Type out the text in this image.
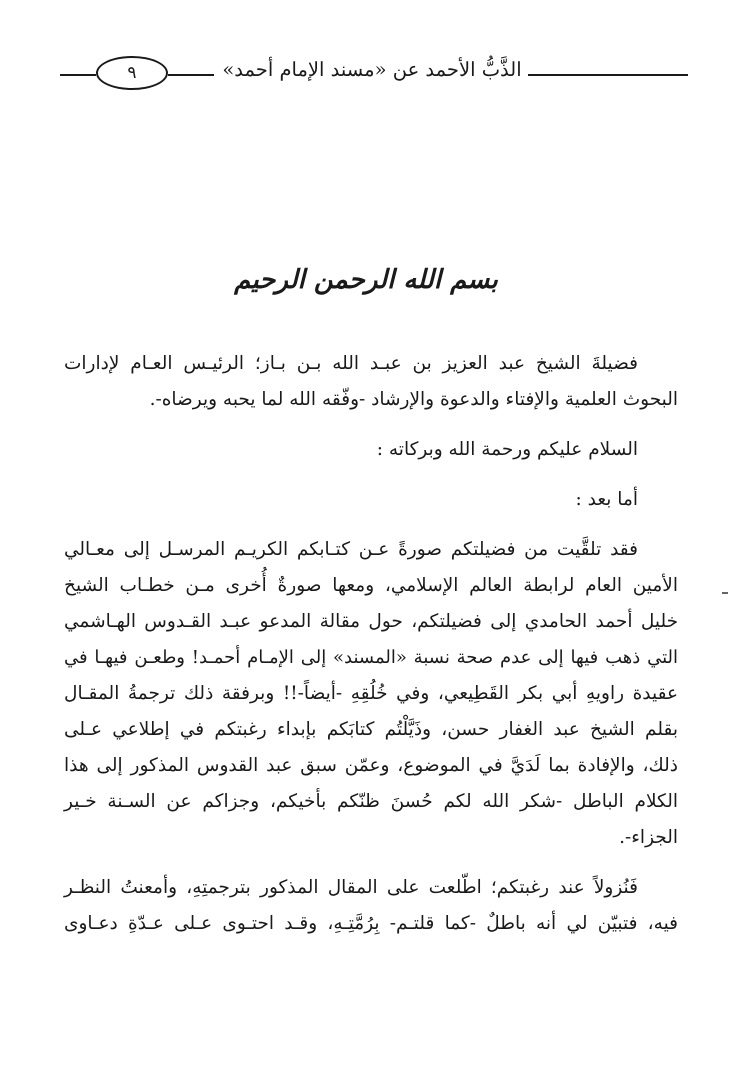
٩	الذَّبُّ الأحمد عن «مسند الإمام أحمد»
بسم الله الرحمن الرحيم
فضيلةَ الشيخ عبد العزيز بن عبـد الله بـن بـاز؛ الرئيـس العـام لإدارات
البحوث العلمية والإفتاء والدعوة والإرشاد -وفّقه الله لما يحبه ويرضاه-.
السلام عليكم ورحمة الله وبركاته :
أما بعد :
فقد تلقَّيت من فضيلتكم صورةً عـن كتـابكم الكريـم المرسـل إلى معـالي
الأمين العام لرابطة العالم الإسلامي، ومعها صورةٌ أُخرى مـن خطـاب الشيخ
خليل أحمد الحامدي إلى فضيلتكم، حول مقالة المدعو عبـد القـدوس الهـاشمي
التي ذهب فيها إلى عدم صحة نسبة «المسند» إلى الإمـام أحمـد! وطعـن فيهـا في
عقيدة راويهِ أبي بكر القَطِيعي، وفي خُلُقِهِ -أيضاً-!! وبرفقة ذلك ترجمةُ المقـال
بقلم الشيخ عبد الغفار حسن، وذَيَّلْتُم كتابَكم بإبداء رغبتكم في إطلاعي عـلى
ذلك، والإفادة بما لَدَيَّ في الموضوع، وعمّن سبق عبد القدوس المذكور إلى هذا
الكلام الباطل -شكر الله لكم حُسنَ ظنّكم بأخيكم، وجزاكم عن السـنة خـير
الجزاء-.
فَنُزولاً عند رغبتكم؛ اطّلعت على المقال المذكور بترجمتِهِ، وأمعنتُ النظـر
فيه، فتبيّن لي أنه باطلٌ -كما قلتـم- بِرُمَّتِـهِ، وقـد احتـوى عـلى عـدّةِ دعـاوى
